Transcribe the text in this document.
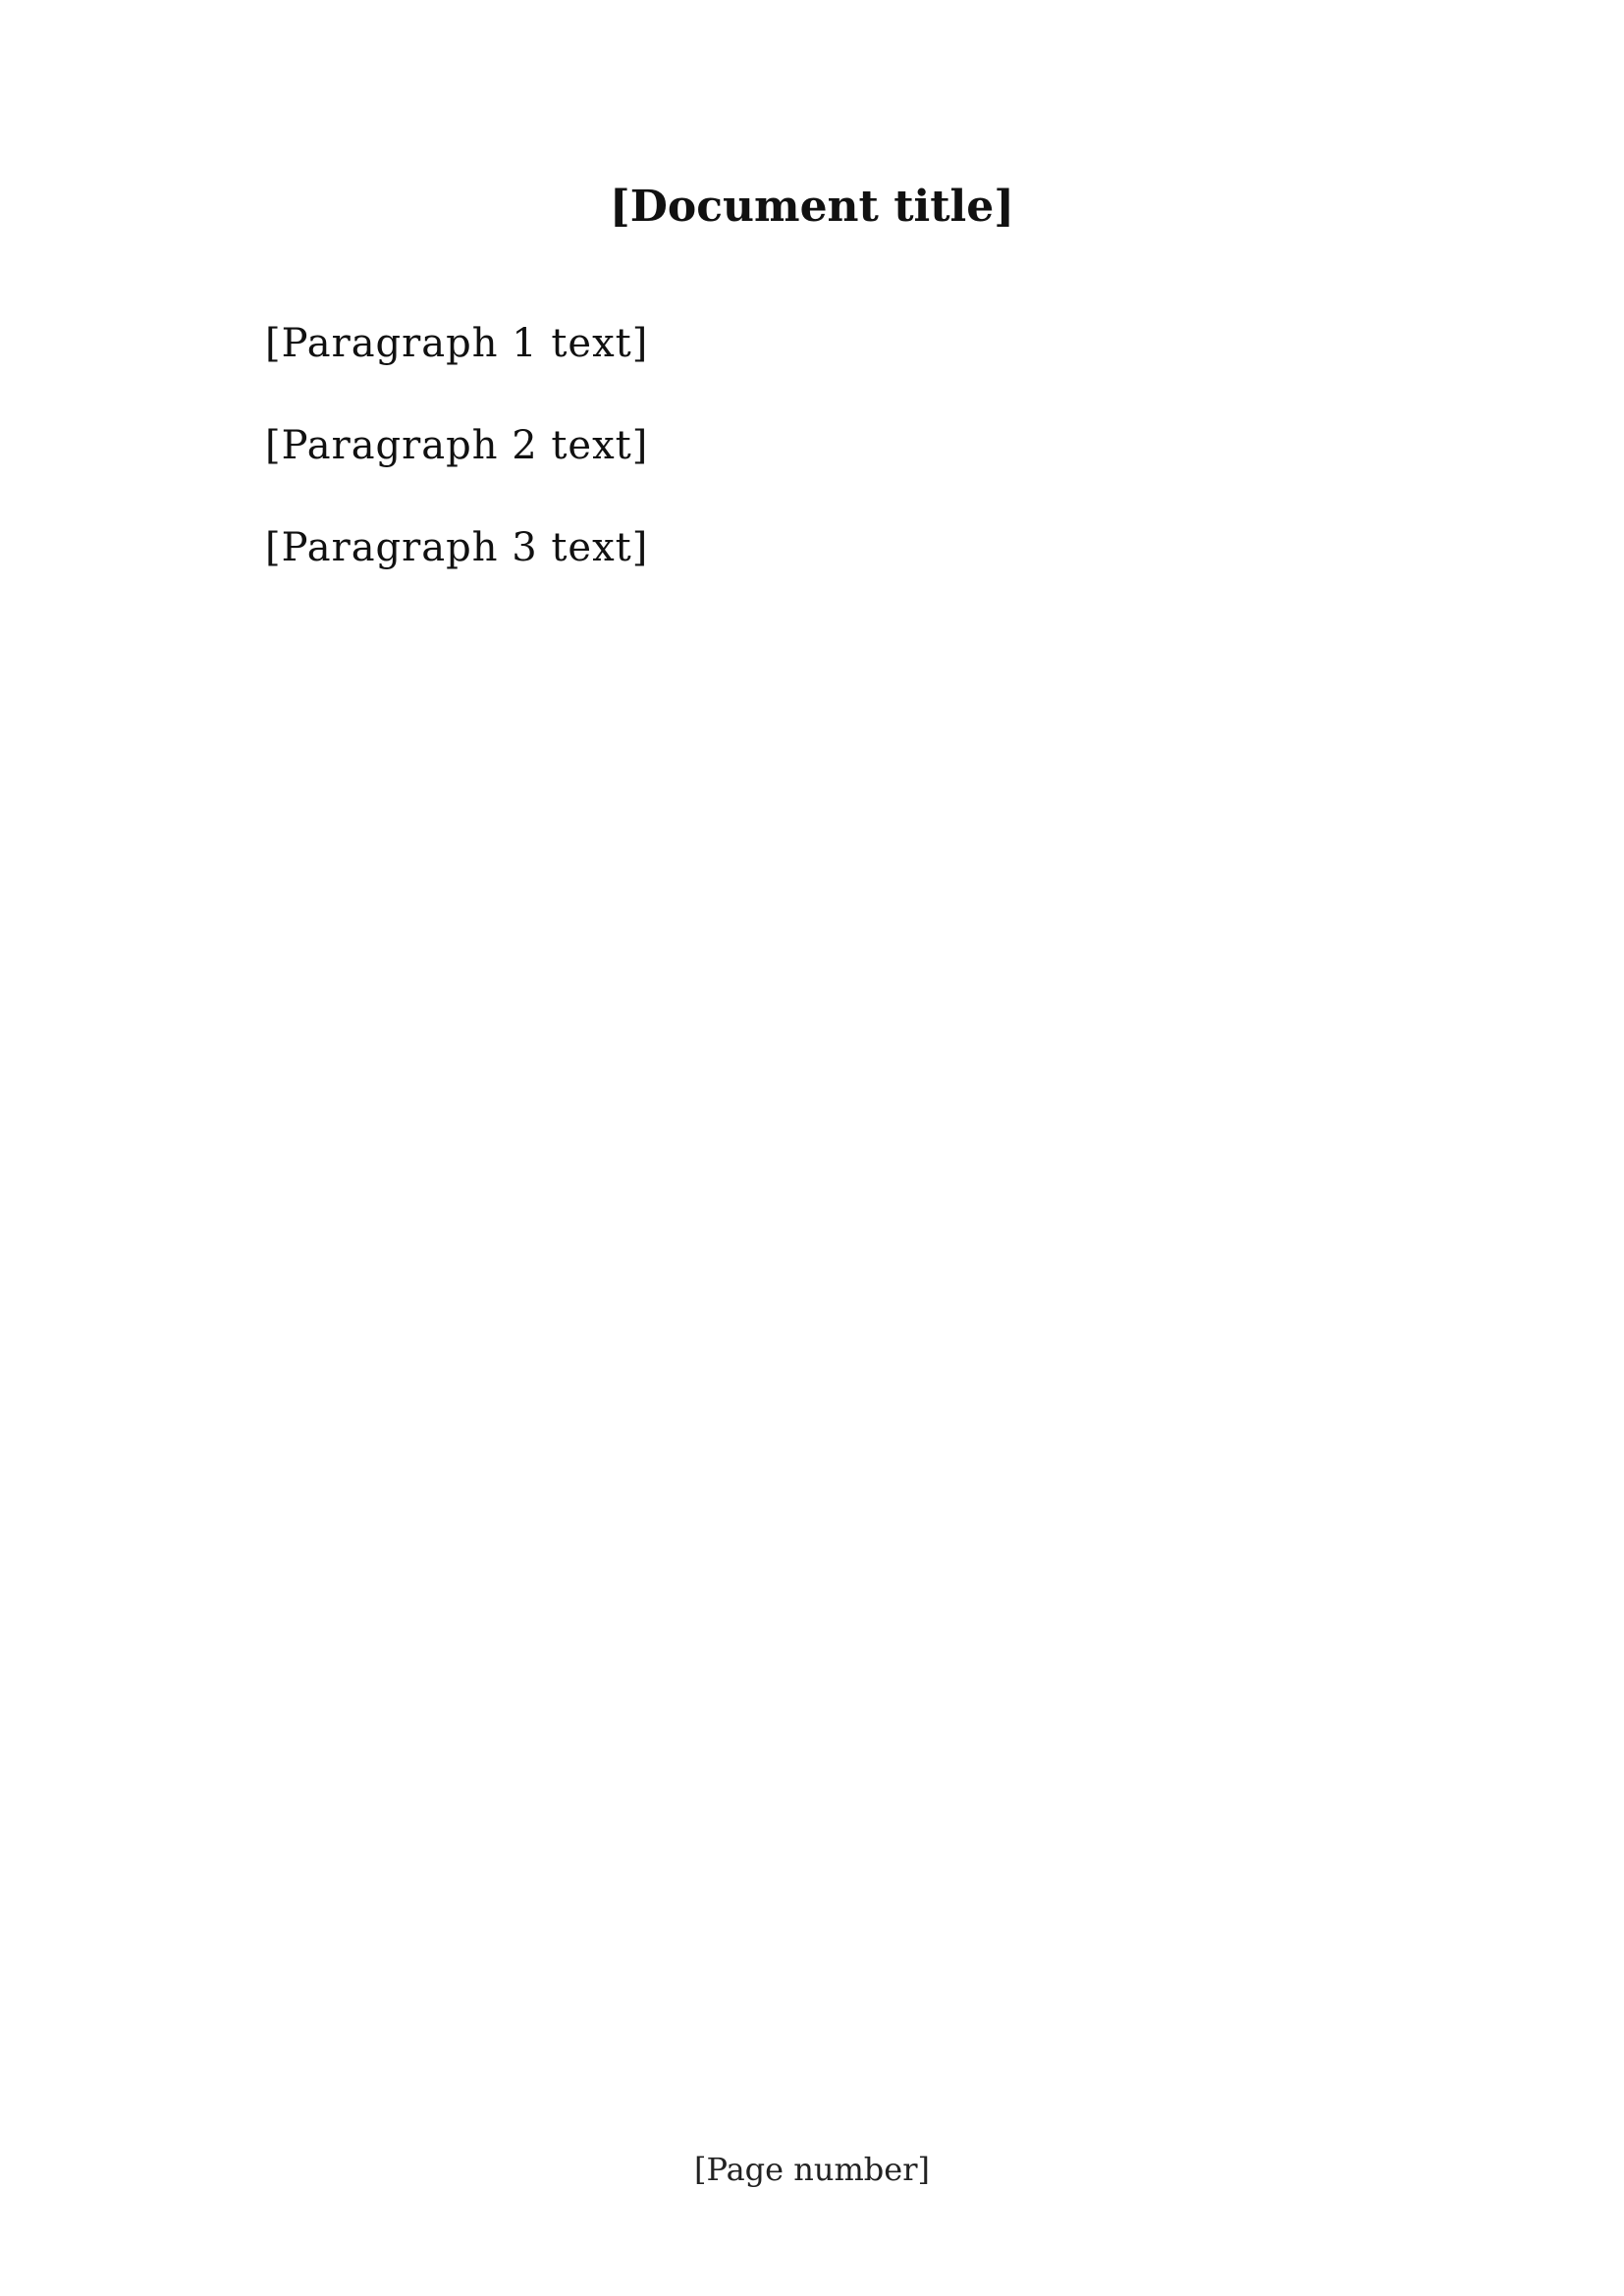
[Document title]

[Paragraph 1 text]

[Paragraph 2 text]

[Paragraph 3 text]

[Page number]
